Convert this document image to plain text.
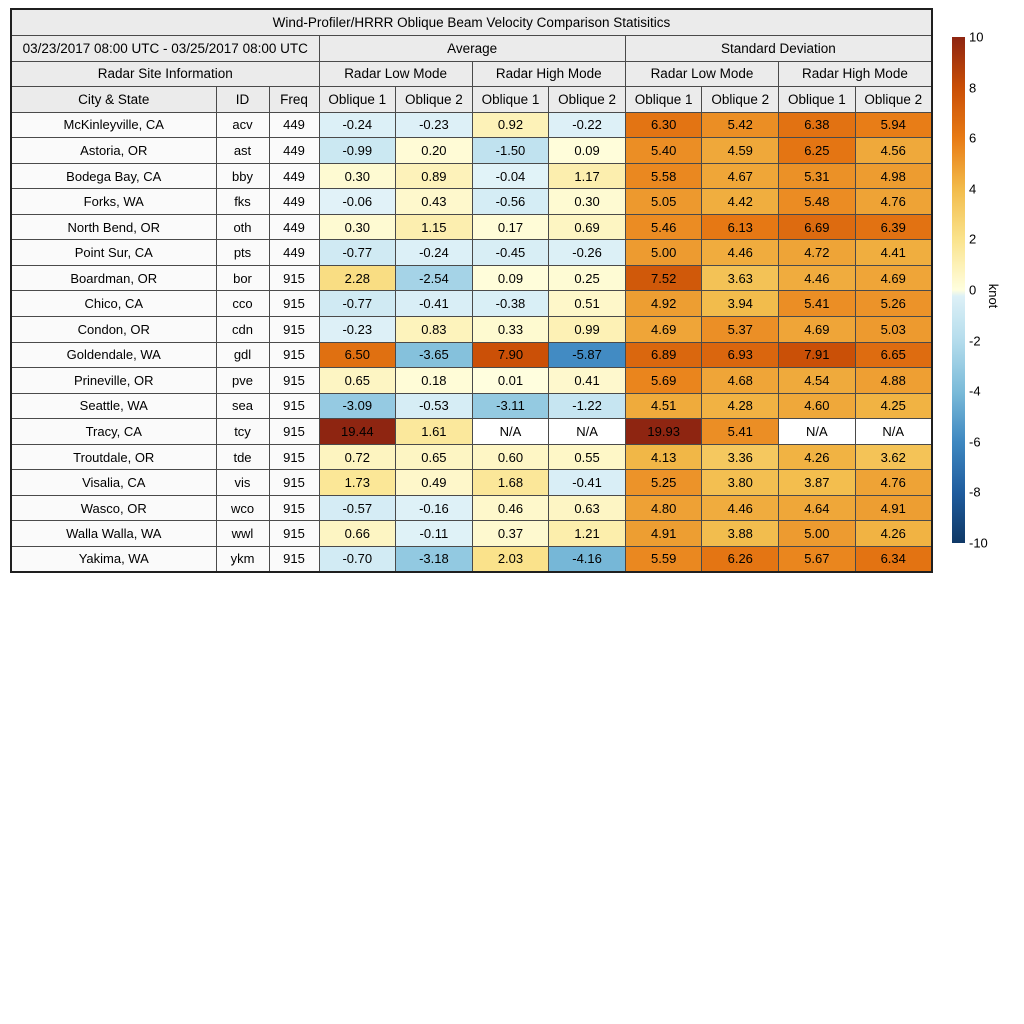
Wind-Profiler/HRRR Oblique Beam Velocity Comparison Statisitics										
03/23/2017 08:00 UTC - 03/25/2017 08:00 UTC			Average				Standard Deviation			
Radar Site Information			Radar Low Mode		Radar High Mode		Radar Low Mode		Radar High Mode	
City & State	ID	Freq	Oblique 1	Oblique 2	Oblique 1	Oblique 2	Oblique 1	Oblique 2	Oblique 1	Oblique 2
McKinleyville, CA	acv	449	-0.24	-0.23	0.92	-0.22	6.30	5.42	6.38	5.94
Astoria, OR	ast	449	-0.99	0.20	-1.50	0.09	5.40	4.59	6.25	4.56
Bodega Bay, CA	bby	449	0.30	0.89	-0.04	1.17	5.58	4.67	5.31	4.98
Forks, WA	fks	449	-0.06	0.43	-0.56	0.30	5.05	4.42	5.48	4.76
North Bend, OR	oth	449	0.30	1.15	0.17	0.69	5.46	6.13	6.69	6.39
Point Sur, CA	pts	449	-0.77	-0.24	-0.45	-0.26	5.00	4.46	4.72	4.41
Boardman, OR	bor	915	2.28	-2.54	0.09	0.25	7.52	3.63	4.46	4.69
Chico, CA	cco	915	-0.77	-0.41	-0.38	0.51	4.92	3.94	5.41	5.26
Condon, OR	cdn	915	-0.23	0.83	0.33	0.99	4.69	5.37	4.69	5.03
Goldendale, WA	gdl	915	6.50	-3.65	7.90	-5.87	6.89	6.93	7.91	6.65
Prineville, OR	pve	915	0.65	0.18	0.01	0.41	5.69	4.68	4.54	4.88
Seattle, WA	sea	915	-3.09	-0.53	-3.11	-1.22	4.51	4.28	4.60	4.25
Tracy, CA	tcy	915	19.44	1.61	N/A	N/A	19.93	5.41	N/A	N/A
Troutdale, OR	tde	915	0.72	0.65	0.60	0.55	4.13	3.36	4.26	3.62
Visalia, CA	vis	915	1.73	0.49	1.68	-0.41	5.25	3.80	3.87	4.76
Wasco, OR	wco	915	-0.57	-0.16	0.46	0.63	4.80	4.46	4.64	4.91
Walla Walla, WA	wwl	915	0.66	-0.11	0.37	1.21	4.91	3.88	5.00	4.26
Yakima, WA	ykm	915	-0.70	-3.18	2.03	-4.16	5.59	6.26	5.67	6.34
10
8
6
4
2
0
-2
-4
-6
-8
-10
knot
